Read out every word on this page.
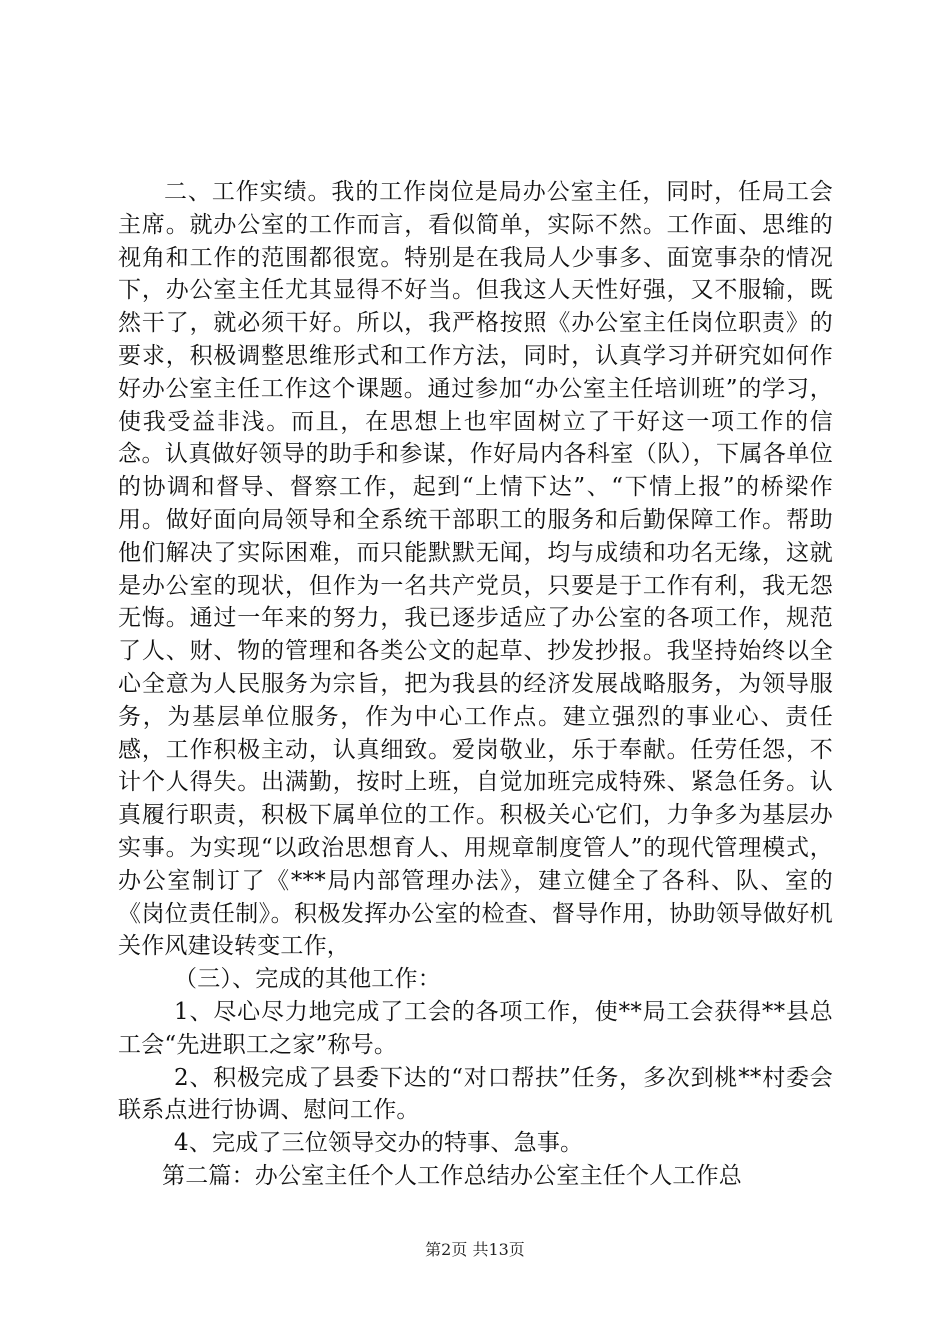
二、工作实绩。我的工作岗位是局办公室主任，同时，任局工会主席。就办公室的工作而言，看似简单，实际不然。工作面、思维的视角和工作的范围都很宽。特别是在我局人少事多、面宽事杂的情况下，办公室主任尤其显得不好当。但我这人天性好强，又不服输，既然干了，就必须干好。所以，我严格按照《办公室主任岗位职责》的要求，积极调整思维形式和工作方法，同时，认真学习并研究如何作好办公室主任工作这个课题。通过参加“办公室主任培训班”的学习，使我受益非浅。而且，在思想上也牢固树立了干好这一项工作的信念。认真做好领导的助手和参谋，作好局内各科室（队），下属各单位的协调和督导、督察工作，起到“上情下达”、“下情上报”的桥梁作用。做好面向局领导和全系统干部职工的服务和后勤保障工作。帮助他们解决了实际困难，而只能默默无闻，均与成绩和功名无缘，这就是办公室的现状，但作为一名共产党员，只要是于工作有利，我无怨无悔。通过一年来的努力，我已逐步适应了办公室的各项工作，规范了人、财、物的管理和各类公文的起草、抄发抄报。我坚持始终以全心全意为人民服务为宗旨，把为我县的经济发展战略服务，为领导服务，为基层单位服务，作为中心工作点。建立强烈的事业心、责任感，工作积极主动，认真细致。爱岗敬业，乐于奉献。任劳任怨，不计个人得失。出满勤，按时上班，自觉加班完成特殊、紧急任务。认真履行职责，积极下属单位的工作。积极关心它们，力争多为基层办实事。为实现“以政治思想育人、用规章制度管人”的现代管理模式，办公室制订了《***局内部管理办法》，建立健全了各科、队、室的《岗位责任制》。积极发挥办公室的检查、督导作用，协助领导做好机关作风建设转变工作，

（三）、完成的其他工作：

1、尽心尽力地完成了工会的各项工作，使**局工会获得**县总工会“先进职工之家”称号。

2、积极完成了县委下达的“对口帮扶”任务，多次到桃**村委会联系点进行协调、慰问工作。

4、完成了三位领导交办的特事、急事。

第二篇：办公室主任个人工作总结办公室主任个人工作总

第2页 共13页
